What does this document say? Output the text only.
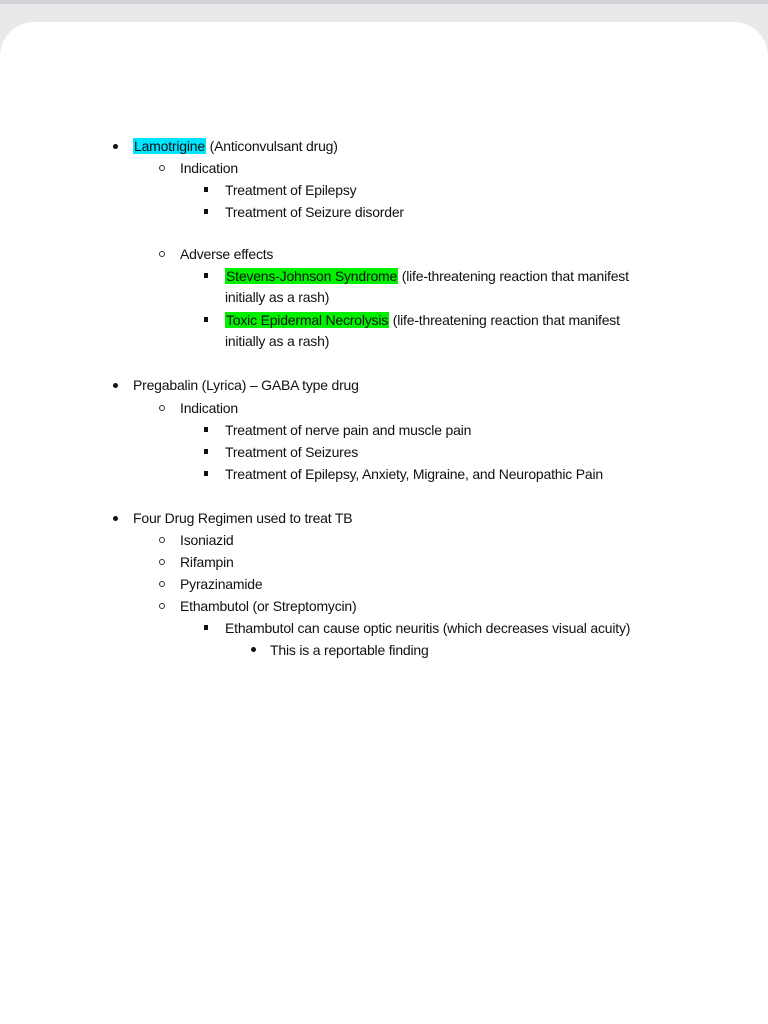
Lamotrigine (Anticonvulsant drug)
Indication
Treatment of Epilepsy
Treatment of Seizure disorder
Adverse effects
Stevens-Johnson Syndrome (life-threatening reaction that manifest
initially as a rash)
Toxic Epidermal Necrolysis (life-threatening reaction that manifest
initially as a rash)
Pregabalin (Lyrica) – GABA type drug
Indication
Treatment of nerve pain and muscle pain
Treatment of Seizures
Treatment of Epilepsy, Anxiety, Migraine, and Neuropathic Pain
Four Drug Regimen used to treat TB
Isoniazid
Rifampin
Pyrazinamide
Ethambutol (or Streptomycin)
Ethambutol can cause optic neuritis (which decreases visual acuity)
This is a reportable finding
